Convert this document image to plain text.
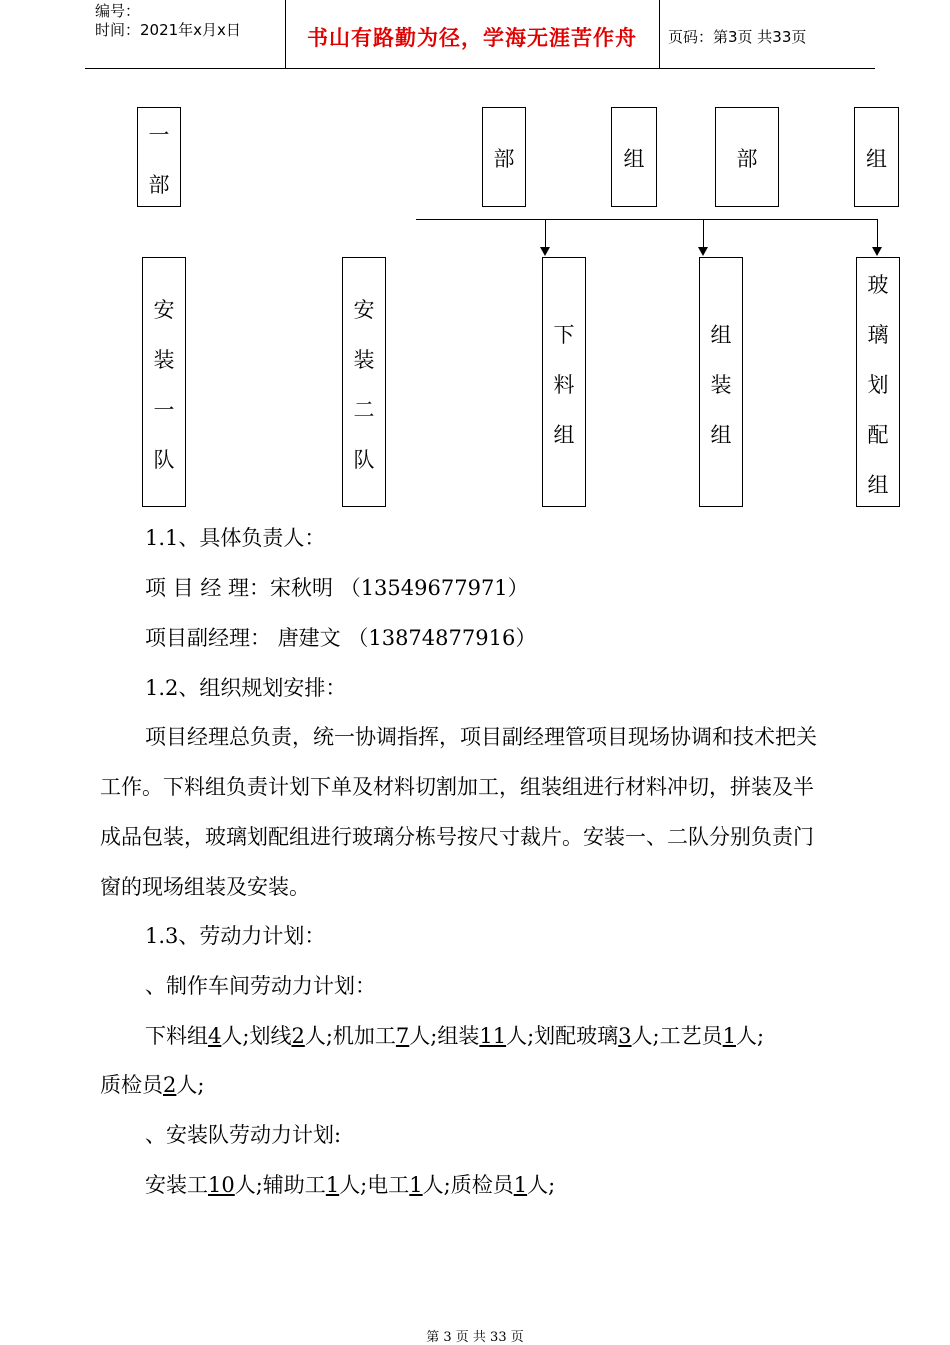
编号：
时间：2021年x月x日	书山有路勤为径，学海无涯苦作舟	页码：第3页 共33页
一
部
部	组	部	组
安
装
一
队
安
装
二
队
下
料
组
组
装
组
玻
璃
划
配
组
1.1、具体负责人：
项 目 经 理：宋秋明 （13549677971）
项目副经理： 唐建文 （13874877916）
1.2、组织规划安排：
项目经理总负责，统一协调指挥，项目副经理管项目现场协调和技术把关
工作。下料组负责计划下单及材料切割加工，组装组进行材料冲切，拼装及半
成品包装，玻璃划配组进行玻璃分栋号按尺寸裁片。安装一、二队分别负责门
窗的现场组装及安装。
1.3、劳动力计划：
、制作车间劳动力计划：
下料组4人;划线2人;机加工7人;组装11人;划配玻璃3人;工艺员1人;
质检员2人;
、安装队劳动力计划:
安装工10人;辅助工1人;电工1人;质检员1人;
第 3 页 共 33 页
